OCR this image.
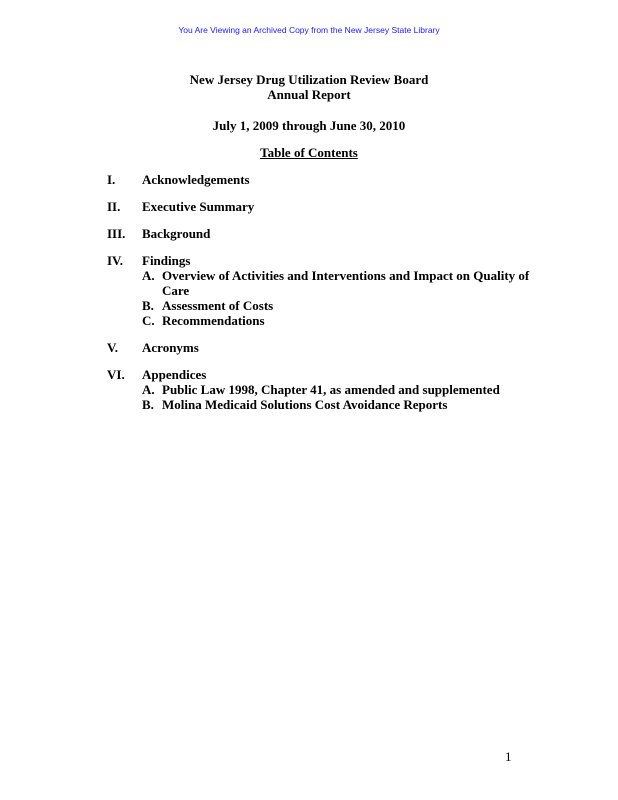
You Are Viewing an Archived Copy from the New Jersey State Library
New Jersey Drug Utilization Review Board
Annual Report
July 1, 2009 through June 30, 2010
Table of Contents
I. Acknowledgements
II. Executive Summary
III. Background
IV. Findings
A. Overview of Activities and Interventions and Impact on Quality of Care
B. Assessment of Costs
C. Recommendations
V. Acronyms
VI. Appendices
A. Public Law 1998, Chapter 41, as amended and supplemented
B. Molina Medicaid Solutions Cost Avoidance Reports
1
